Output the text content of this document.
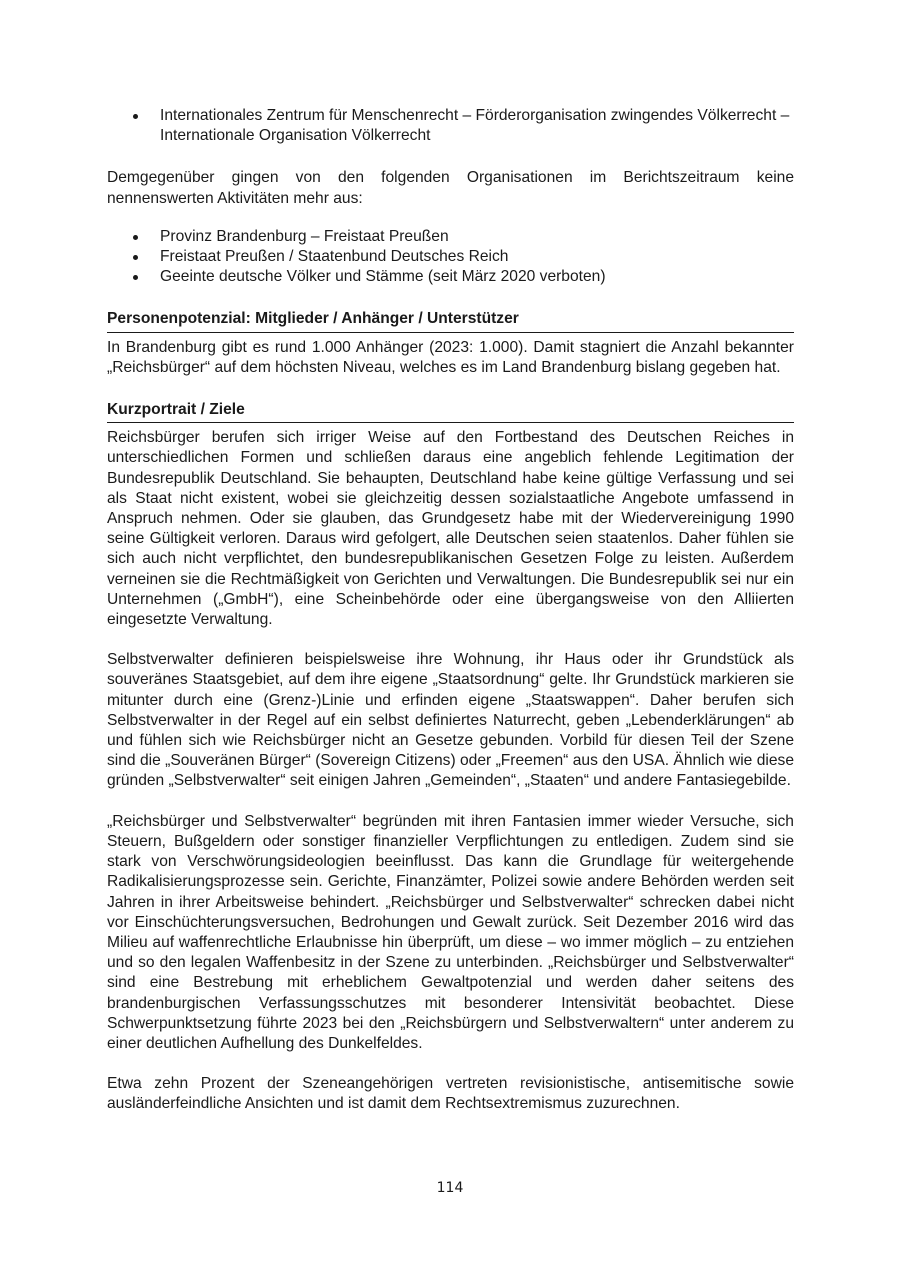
Internationales Zentrum für Menschenrecht – Förderorganisation zwingendes Völkerrecht – Internationale Organisation Völkerrecht

Demgegenüber gingen von den folgenden Organisationen im Berichtszeitraum keine nennenswerten Aktivitäten mehr aus:

Provinz Brandenburg – Freistaat Preußen
Freistaat Preußen / Staatenbund Deutsches Reich
Geeinte deutsche Völker und Stämme (seit März 2020 verboten)
Personenpotenzial: Mitglieder / Anhänger / Unterstützer

In Brandenburg gibt es rund 1.000 Anhänger (2023: 1.000). Damit stagniert die Anzahl bekannter „Reichsbürger“ auf dem höchsten Niveau, welches es im Land Brandenburg bislang gegeben hat.

Kurzportrait / Ziele

Reichsbürger berufen sich irriger Weise auf den Fortbestand des Deutschen Reiches in unterschiedlichen Formen und schließen daraus eine angeblich fehlende Legitimation der Bundesrepublik Deutschland. Sie behaupten, Deutschland habe keine gültige Verfassung und sei als Staat nicht existent, wobei sie gleichzeitig dessen sozialstaatliche Angebote umfassend in Anspruch nehmen. Oder sie glauben, das Grundgesetz habe mit der Wiedervereinigung 1990 seine Gültigkeit verloren. Daraus wird gefolgert, alle Deutschen seien staatenlos. Daher fühlen sie sich auch nicht verpflichtet, den bundesrepublikanischen Gesetzen Folge zu leisten. Außerdem verneinen sie die Rechtmäßigkeit von Gerichten und Verwaltungen. Die Bundesrepublik sei nur ein Unternehmen („GmbH“), eine Scheinbehörde oder eine übergangsweise von den Alliierten eingesetzte Verwaltung.

Selbstverwalter definieren beispielsweise ihre Wohnung, ihr Haus oder ihr Grundstück als souveränes Staatsgebiet, auf dem ihre eigene „Staatsordnung“ gelte. Ihr Grundstück markieren sie mitunter durch eine (Grenz-)Linie und erfinden eigene „Staatswappen“. Daher berufen sich Selbstverwalter in der Regel auf ein selbst definiertes Naturrecht, geben „Lebenderklärungen“ ab und fühlen sich wie Reichsbürger nicht an Gesetze gebunden. Vorbild für diesen Teil der Szene sind die „Souveränen Bürger“ (Sovereign Citizens) oder „Freemen“ aus den USA. Ähnlich wie diese gründen „Selbstverwalter“ seit einigen Jahren „Gemeinden“, „Staaten“ und andere Fantasiegebilde.

„Reichsbürger und Selbstverwalter“ begründen mit ihren Fantasien immer wieder Versuche, sich Steuern, Bußgeldern oder sonstiger finanzieller Verpflichtungen zu entledigen. Zudem sind sie stark von Verschwörungsideologien beeinflusst. Das kann die Grundlage für weitergehende Radikalisierungsprozesse sein. Gerichte, Finanzämter, Polizei sowie andere Behörden werden seit Jahren in ihrer Arbeitsweise behindert. „Reichsbürger und Selbstverwalter“ schrecken dabei nicht vor Einschüchterungsversuchen, Bedrohungen und Gewalt zurück. Seit Dezember 2016 wird das Milieu auf waffenrechtliche Erlaubnisse hin überprüft, um diese – wo immer möglich – zu entziehen und so den legalen Waffenbesitz in der Szene zu unterbinden. „Reichsbürger und Selbstverwalter“ sind eine Bestrebung mit erheblichem Gewaltpotenzial und werden daher seitens des brandenburgischen Verfassungsschutzes mit besonderer Intensivität beobachtet. Diese Schwerpunktsetzung führte 2023 bei den „Reichsbürgern und Selbstverwaltern“ unter anderem zu einer deutlichen Aufhellung des Dunkelfeldes.

Etwa zehn Prozent der Szeneangehörigen vertreten revisionistische, antisemitische sowie ausländerfeindliche Ansichten und ist damit dem Rechtsextremismus zuzurechnen.

114
